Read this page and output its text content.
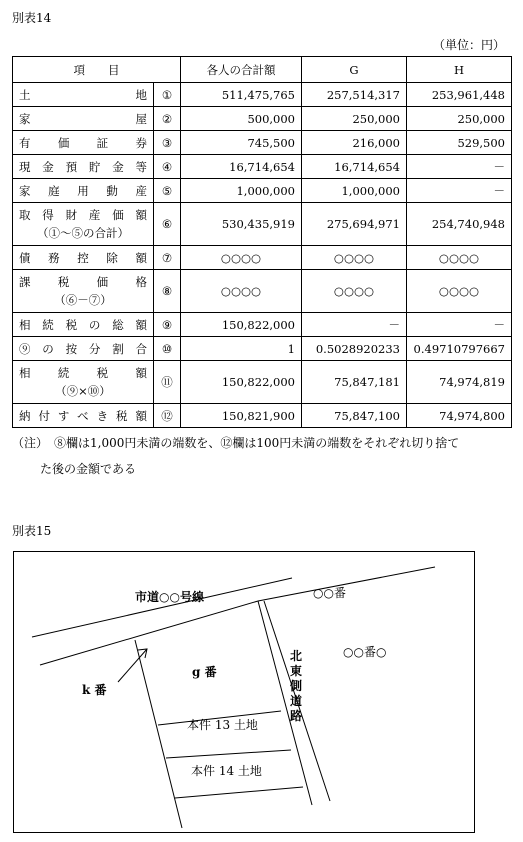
別表14
（単位：円）
項　　目		各人の合計額	G	H
土地	①	511,475,765	257,514,317	253,961,448
家屋	②	500,000	250,000	250,000
有価証券	③	745,500	216,000	529,500
現金預貯金等	④	16,714,654	16,714,654	－
家庭用動産	⑤	1,000,000	1,000,000	－

取得財産価額
（①～⑤の合計）	⑥	530,435,919	275,694,971	254,740,948
債務控除額	⑦	○○○○	○○○○	○○○○

課税価格
（⑥－⑦）	⑧	○○○○	○○○○	○○○○
相続税の総額	⑨	150,822,000	－	－
⑨の按分割合	⑩	1	0.5028920233	0.49710797667

相続税額
（⑨×⑩）	⑪	150,822,000	75,847,181	74,974,819
納付すべき税額	⑫	150,821,900	75,847,100	74,974,800
（注）　⑧欄は1,000円未満の端数を、⑫欄は100円未満の端数をそれぞれ切り捨て
た後の金額である
別表15
市道○○号線	○○番
○○番○
g 番
k 番
本件 13 土地
本件 14 土地
北
東
側
道
路
